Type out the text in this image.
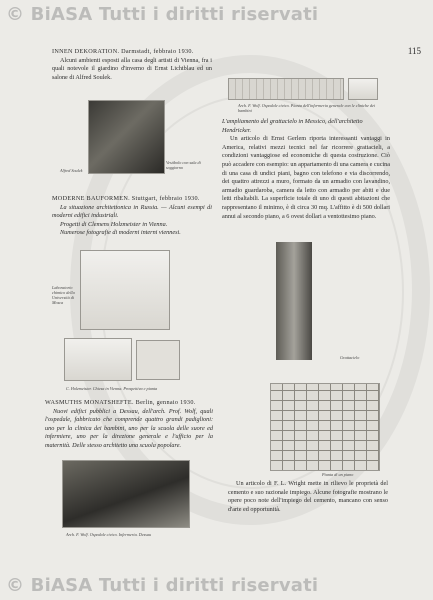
© BiASA Tutti i diritti riservati
© BiASA Tutti i diritti riservati
115

INNEN DEKORATION. Darmstadt, febbraio 1930.

Alcuni ambienti esposti alla casa degli artisti di Vienna, fra i quali notevole il giardino d'inverno di Ernst Lichtblau ed un salone di Alfred Soulek.

Alfred Soulek
Vestibolo con sala di soggiorno

MODERNE BAUFORMEN. Stuttgart, febbraio 1930.

La situazione architettonica in Russia. — Alcuni esempi di moderni edifici industriali.

Progetti di Clemens Holzmeister in Vienna.

Numerose fotografie di moderni interni viennesi.

Laboratorio chimico della Università di Mosca
C. Holzmeister. Chiesa in Vienna. Prospettiva e pianta

WASMUTHS MONATSHEFTE. Berlin, gennaio 1930.

Nuovi edifici pubblici a Dessau, dell'arch. Prof. Wolf, quali l'ospedale, fabbricato che comprende quattro grandi padiglioni: uno per la clinica dei bambini, uno per la scuola delle suore ed infermiere, uno per la direzione generale e l'ufficio per la maternità. Delle stesso architetto una scuola popolare.

Arch. F. Wolf. Ospedale civico. Infermeria. Dessau
Arch. F. Wolf. Ospedale civico. Pianta dell'infermeria generale con le cliniche dei bambini

L'ampliamento del grattacielo in Messico, dell'architetto

Hendricker.

Un articolo di Ernst Gerlem riporta interessanti vantaggi in America, relativi mezzi tecnici nel far ricorrere grattacieli, a condizioni vantaggiose ed economiche di questa costruzione. Ciò può accadere con esempio: un appartamento di una camera e cucina di una casa di undici piani, bagno con telefono e via discorrendo, dei quattro attrezzi a muro, formato da un armadio con lavandino, armadio guardaroba, camera da letto con armadio per abiti e due letti ribaltabili. La superficie totale di uno di questi abitazioni che rappresentano il minimo, è di circa 30 mq. L'affitto è di 500 dollari annui al secondo piano, a 6 ovest dollari a ventottesimo piano.

Grattacielo
Pianta di un piano

Un articolo di F. L. Wright mette in rilievo le proprietà del cemento e suo razionale impiego. Alcune fotografie mostrano le opere poco note dell'impiego del cemento, mancano con senso d'arte ed opportunità.
